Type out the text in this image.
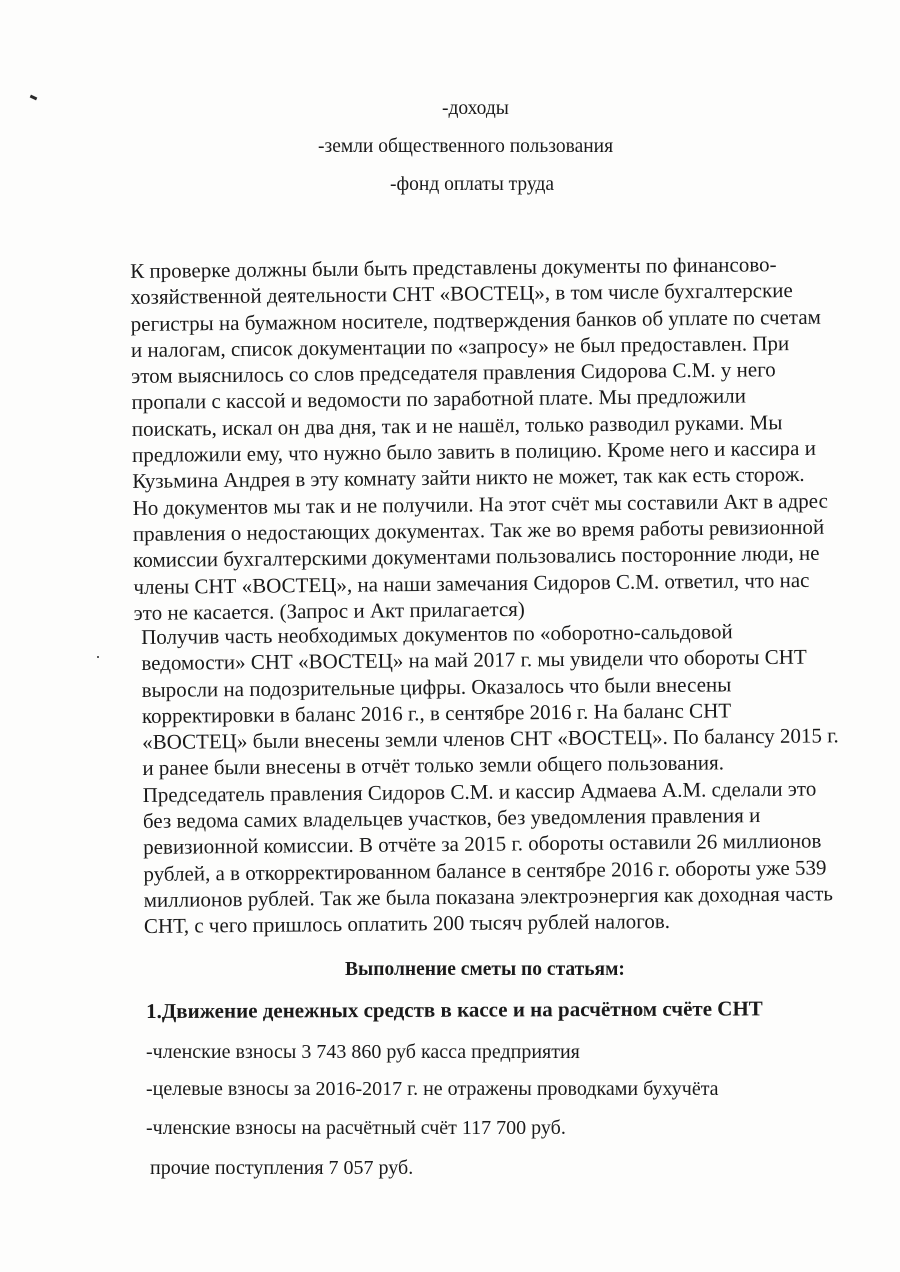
-доходы
-земли общественного пользования
-фонд оплаты труда

К проверке должны были быть представлены документы по финансово-
хозяйственной деятельности СНТ «ВОСТЕЦ», в том числе бухгалтерские
регистры на бумажном носителе, подтверждения банков об уплате по счетам
и налогам, список документации по «запросу» не был предоставлен. При
этом выяснилось со слов председателя правления Сидорова С.М. у него
пропали с кассой и ведомости по заработной плате. Мы предложили
поискать, искал он два дня, так и не нашёл, только разводил руками. Мы
предложили ему, что нужно было завить в полицию. Кроме него и кассира и
Кузьмина Андрея в эту комнату зайти никто не может, так как есть сторож.
Но документов мы так и не получили. На этот счёт мы составили Акт в адрес
правления о недостающих документах. Так же во время работы ревизионной
комиссии бухгалтерскими документами пользовались посторонние люди, не
члены СНТ «ВОСТЕЦ», на наши замечания Сидоров С.М. ответил, что нас
это не касается. (Запрос и Акт прилагается)

Получив часть необходимых документов по «оборотно-сальдовой
ведомости» СНТ «ВОСТЕЦ» на май 2017 г. мы увидели что обороты СНТ
выросли на подозрительные цифры. Оказалось что были внесены
корректировки в баланс 2016 г., в сентябре 2016 г. На баланс СНТ
«ВОСТЕЦ» были внесены земли членов СНТ «ВОСТЕЦ». По балансу 2015 г.
и ранее были внесены в отчёт только земли общего пользования.
Председатель правления Сидоров С.М. и кассир Адмаева А.М. сделали это
без ведома самих владельцев участков, без уведомления правления и
ревизионной комиссии. В отчёте за 2015 г. обороты оставили 26 миллионов
рублей, а в откорректированном балансе в сентябре 2016 г. обороты уже 539
миллионов рублей. Так же была показана электроэнергия как доходная часть
СНТ, с чего пришлось оплатить 200 тысяч рублей налогов.

Выполнение сметы по статьям:
1.Движение денежных средств в кассе и на расчётном счёте СНТ
-членские взносы 3 743 860 руб касса предприятия
-целевые взносы за 2016-2017 г. не отражены проводками бухучёта
-членские взносы на расчётный счёт 117 700 руб.
прочие поступления 7 057 руб.
